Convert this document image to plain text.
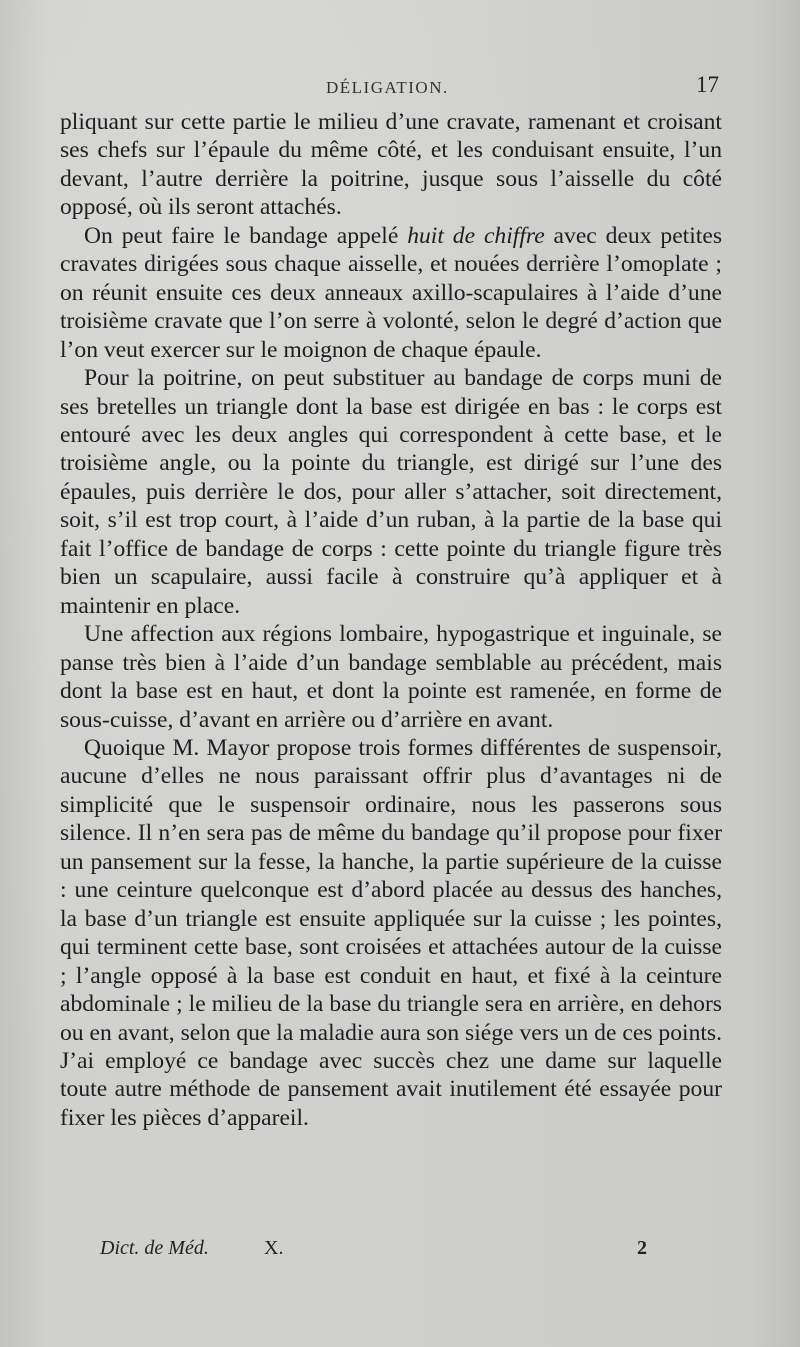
DÉLIGATION.	17

pliquant sur cette partie le milieu d’une cravate, ramenant et croisant ses chefs sur l’épaule du même côté, et les conduisant ensuite, l’un devant, l’autre derrière la poitrine, jusque sous l’aisselle du côté opposé, où ils seront attachés.

On peut faire le bandage appelé huit de chiffre avec deux petites cravates dirigées sous chaque aisselle, et nouées derrière l’omoplate ; on réunit ensuite ces deux anneaux axillo-scapulaires à l’aide d’une troisième cravate que l’on serre à volonté, selon le degré d’action que l’on veut exercer sur le moignon de chaque épaule.

Pour la poitrine, on peut substituer au bandage de corps muni de ses bretelles un triangle dont la base est dirigée en bas : le corps est entouré avec les deux angles qui correspondent à cette base, et le troisième angle, ou la pointe du triangle, est dirigé sur l’une des épaules, puis derrière le dos, pour aller s’attacher, soit directement, soit, s’il est trop court, à l’aide d’un ruban, à la partie de la base qui fait l’office de bandage de corps : cette pointe du triangle figure très bien un scapulaire, aussi facile à construire qu’à appliquer et à maintenir en place.

Une affection aux régions lombaire, hypogastrique et inguinale, se panse très bien à l’aide d’un bandage semblable au précédent, mais dont la base est en haut, et dont la pointe est ramenée, en forme de sous-cuisse, d’avant en arrière ou d’arrière en avant.

Quoique M. Mayor propose trois formes différentes de suspensoir, aucune d’elles ne nous paraissant offrir plus d’avantages ni de simplicité que le suspensoir ordinaire, nous les passerons sous silence. Il n’en sera pas de même du bandage qu’il propose pour fixer un pansement sur la fesse, la hanche, la partie supérieure de la cuisse : une ceinture quelconque est d’abord placée au dessus des hanches, la base d’un triangle est ensuite appliquée sur la cuisse ; les pointes, qui terminent cette base, sont croisées et attachées autour de la cuisse ; l’angle opposé à la base est conduit en haut, et fixé à la ceinture abdominale ; le milieu de la base du triangle sera en arrière, en dehors ou en avant, selon que la maladie aura son siége vers un de ces points. J’ai employé ce bandage avec succès chez une dame sur laquelle toute autre méthode de pansement avait inutilement été essayée pour fixer les pièces d’appareil.

Dict. de Méd.	X.	2
